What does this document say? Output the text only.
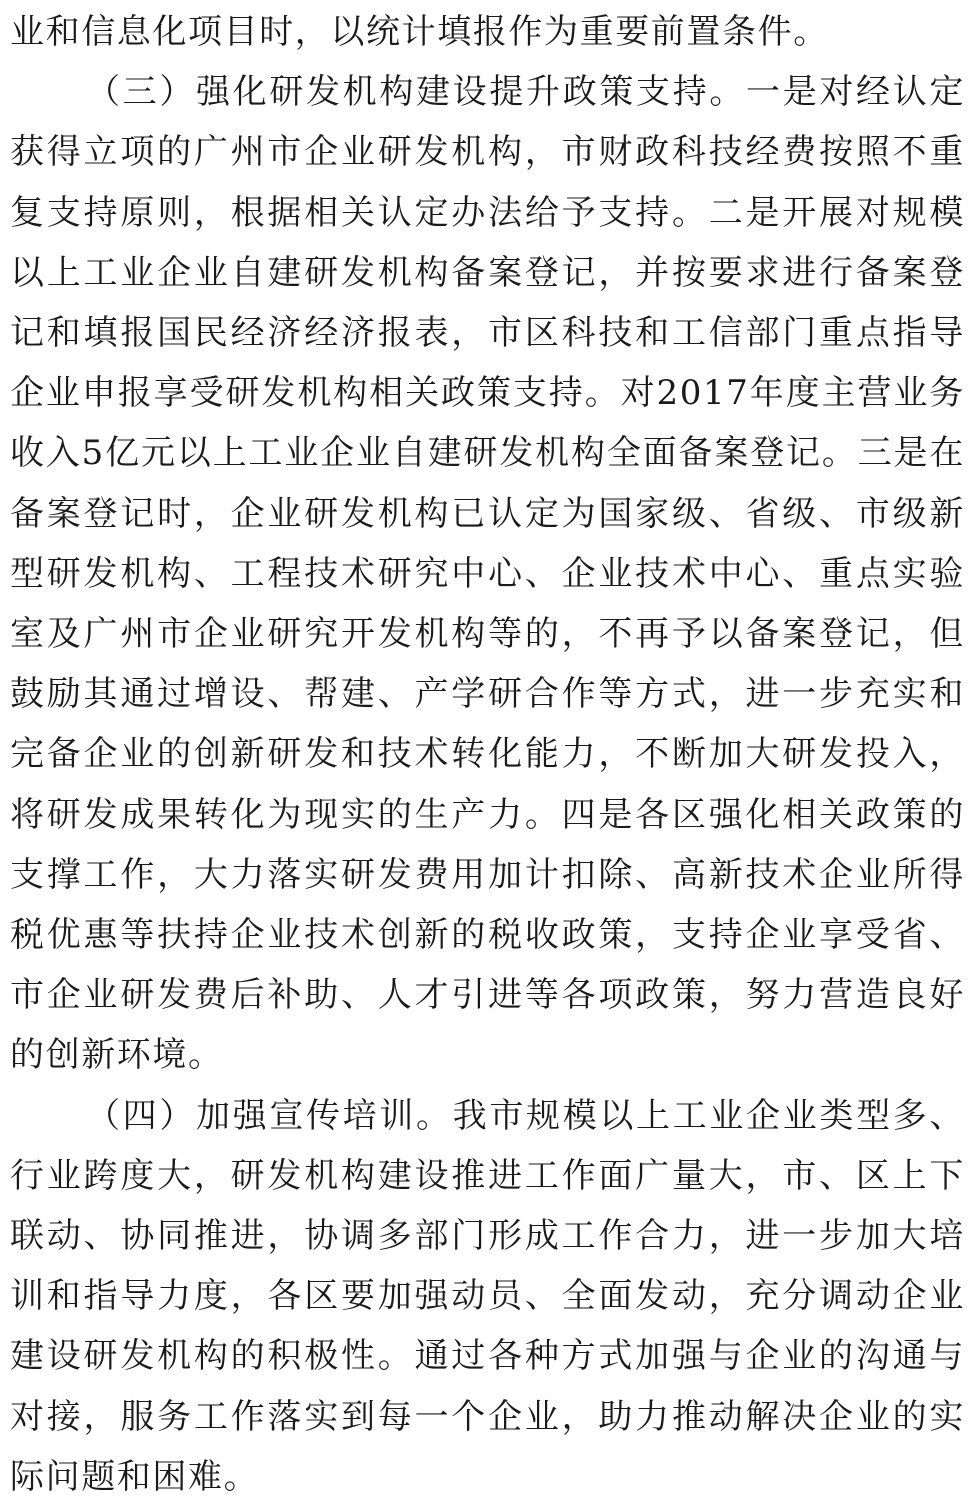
业和信息化项目时，以统计填报作为重要前置条件。

（三）强化研发机构建设提升政策支持。一是对经认定获得立项的广州市企业研发机构，市财政科技经费按照不重复支持原则，根据相关认定办法给予支持。二是开展对规模以上工业企业自建研发机构备案登记，并按要求进行备案登记和填报国民经济经济报表，市区科技和工信部门重点指导企业申报享受研发机构相关政策支持。对2017年度主营业务收入5亿元以上工业企业自建研发机构全面备案登记。三是在备案登记时，企业研发机构已认定为国家级、省级、市级新型研发机构、工程技术研究中心、企业技术中心、重点实验室及广州市企业研究开发机构等的，不再予以备案登记，但鼓励其通过增设、帮建、产学研合作等方式，进一步充实和完备企业的创新研发和技术转化能力，不断加大研发投入，将研发成果转化为现实的生产力。四是各区强化相关政策的支撑工作，大力落实研发费用加计扣除、高新技术企业所得税优惠等扶持企业技术创新的税收政策，支持企业享受省、市企业研发费后补助、人才引进等各项政策，努力营造良好的创新环境。

（四）加强宣传培训。我市规模以上工业企业类型多、行业跨度大，研发机构建设推进工作面广量大，市、区上下联动、协同推进，协调多部门形成工作合力，进一步加大培训和指导力度，各区要加强动员、全面发动，充分调动企业建设研发机构的积极性。通过各种方式加强与企业的沟通与对接，服务工作落实到每一个企业，助力推动解决企业的实际问题和困难。
